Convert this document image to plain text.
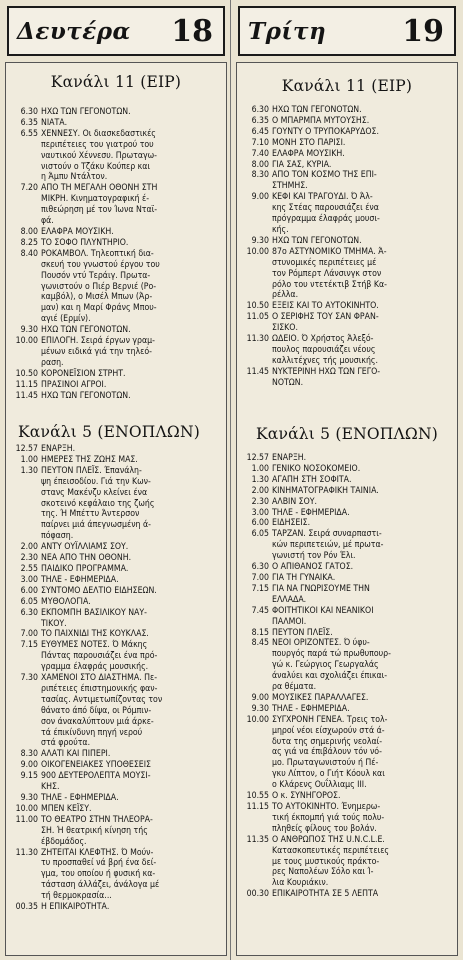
Δευτέρα 18
Κανάλι 11 (ΕΙΡ)
6.30 ΗΧΩ ΤΩΝ ΓΕΓΟΝΟΤΩΝ.
6.35 ΝΙΑΤΑ.
6.55 ΧΕΝΝΕΣΥ. Οι διασκεδαστικές
περιπέτειες του γιατρού του
ναυτικού Χέννεσυ. Πρωταγω-
νιστούν ο Τζάκυ Κούπερ και
η Άμπυ Ντάλτον.
7.20 ΑΠΟ ΤΗ ΜΕΓΑΛΗ ΟΘΟΝΗ ΣΤΗ
ΜΙΚΡΗ. Κινηματογραφική έ-
πιθεώρηση μέ τον Ίωνα Νταϊ-
φά.
8.00 ΕΛΑΦΡΑ ΜΟΥΣΙΚΗ.
8.25 ΤΟ ΣΟΦΟ ΠΛΥΝΤΗΡΙΟ.
8.40 ΡΟΚΑΜΒΟΛ. Τηλεοπτική δια-
σκευή του γνωστού έργου του
Πουσόν ντύ Τεράιγ. Πρωτα-
γωνιστούν ο Πιέρ Βερνιέ (Ρο-
καμβόλ), ο Μισέλ Μπων (Άρ-
μαν) και η Μαρί Φράνς Μπου-
αγιέ (Ερμίν).
9.30 ΗΧΩ ΤΩΝ ΓΕΓΟΝΟΤΩΝ.
10.00 ΕΠΙΛΟΓΗ. Σειρά έργων γραμ-
μένων ειδικά γιά την τηλεό-
ραση.
10.50 ΚΟΡΟΝΕΪΣΙΟΝ ΣΤΡΗΤ.
11.15 ΠΡΑΣΙΝΟΙ ΑΓΡΟΙ.
11.45 ΗΧΩ ΤΩΝ ΓΕΓΟΝΟΤΩΝ.
Κανάλι 5 (ΕΝΟΠΛΩΝ)
12.57 ΕΝΑΡΞΗ.
1.00 ΗΜΕΡΕΣ ΤΗΣ ΖΩΗΣ ΜΑΣ.
1.30 ΠΕΥΤΟΝ ΠΛΕΪΣ. Έπανάλη-
ψη έπεισοδίου. Γιά την Κων-
στανς Μακένζυ κλείνει ένα
σκοτεινό κεφάλαιο της ζωής
της. Ή Μπέττυ Άντερσον
παίρνει μιά άπεγνωσμένη ά-
πόφαση.
2.00 ΑΝΤΥ ΟΥΪΛΛΙΑΜΣ ΣΟΥ.
2.30 ΝΕΑ ΑΠΟ ΤΗΝ ΟΘΟΝΗ.
2.55 ΠΑΙΔΙΚΟ ΠΡΟΓΡΑΜΜΑ.
3.00 ΤΗΛΕ - ΕΦΗΜΕΡΙΔΑ.
6.00 ΣΥΝΤΟΜΟ ΔΕΛΤΙΟ ΕΙΔΗΣΕΩΝ.
6.05 ΜΥΘΟΛΟΓΙΑ.
6.30 ΕΚΠΟΜΠΗ ΒΑΣΙΛΙΚΟΥ ΝΑΥ-
ΤΙΚΟΥ.
7.00 ΤΟ ΠΑΙΧΝΙΔΙ ΤΗΣ ΚΟΥΚΛΑΣ.
7.15 ΕΥΘΥΜΕΣ ΝΟΤΕΣ. Ό Μάκης
Πάντας παρουσιάζει ένα πρό-
γραμμα έλαφράς μουσικής.
7.30 ΧΑΜΕΝΟΙ ΣΤΟ ΔΙΑΣΤΗΜΑ. Πε-
ριπέτειες έπιστημονικής φαν-
τασίας. Αντιμετωπίζοντας τον
θάνατο άπό δίψα, οι Ρόμπιν-
σον άνακαλύπτουν μιά άρκε-
τά έπικίνδυνη πηγή νερού
στά φρούτα.
8.30 ΑΛΑΤΙ ΚΑΙ ΠΙΠΕΡΙ.
9.00 ΟΙΚΟΓΕΝΕΙΑΚΕΣ ΥΠΟΘΕΣΕΙΣ
9.15 900 ΔΕΥΤΕΡΟΛΕΠΤΑ ΜΟΥΣΙ-
ΚΗΣ.
9.30 ΤΗΛΕ - ΕΦΗΜΕΡΙΔΑ.
10.00 ΜΠΕΝ ΚΕΪΣΥ.
11.00 ΤΟ ΘΕΑΤΡΟ ΣΤΗΝ ΤΗΛΕΟΡΑ-
ΣΗ. Ή θεατρική κίνηση τής
έβδομάδος.
11.30 ΖΗΤΕΙΤΑΙ ΚΛΕΦΤΗΣ. Ό Μούν-
τυ προσπαθεί νά βρή ένα δεί-
γμα, του οποίου ή φυσική κα-
τάσταση άλλάζει, άνάλογα μέ
τή θερμοκρασία...
00.35 Η ΕΠΙΚΑΙΡΟΤΗΤΑ.
Τρίτη	19
Κανάλι 11 (ΕΙΡ)
6.30 ΗΧΩ ΤΩΝ ΓΕΓΟΝΟΤΩΝ.
6.35 Ο ΜΠΑΡΜΠΑ ΜΥΤΟΥΣΗΣ.
6.45 ΓΟΥΝΤΥ Ο ΤΡΥΠΟΚΑΡΥΔΟΣ.
7.10 ΜΟΝΗ ΣΤΟ ΠΑΡΙΣΙ.
7.40 ΕΛΑΦΡΑ ΜΟΥΣΙΚΗ.
8.00 ΓΙΑ ΣΑΣ, ΚΥΡΙΑ.
8.30 ΑΠΟ ΤΟΝ ΚΟΣΜΟ ΤΗΣ ΕΠΙ-
ΣΤΗΜΗΣ.
9.00 ΚΕΦΙ ΚΑΙ ΤΡΑΓΟΥΔΙ. Ό Άλ-
κης Στέας παρουσιάζει ένα
πρόγραμμα έλαφράς μουσι-
κής.
9.30 ΗΧΩ ΤΩΝ ΓΕΓΟΝΟΤΩΝ.
10.00 87ο ΑΣΤΥΝΟΜΙΚΟ ΤΜΗΜΑ. Ά-
στυνομικές περιπέτειες μέ
τον Ρόμπερτ Λάνσινγκ στον
ρόλο του ντετέκτιβ Στήβ Κα-
ρέλλα.
10.50 ΕΞΕΙΣ ΚΑΙ ΤΟ ΑΥΤΟΚΙΝΗΤΟ.
11.05 Ο ΣΕΡΙΦΗΣ ΤΟΥ ΣΑΝ ΦΡΑΝ-
ΣΙΣΚΟ.
11.30 ΩΔΕΙΟ. Ό Χρήστος Άλεξό-
πουλος παρουσιάζει νέους
καλλιτέχνες τής μουσικής.
11.45 ΝΥΚΤΕΡΙΝΗ ΗΧΩ ΤΩΝ ΓΕΓΟ-
ΝΟΤΩΝ.
Κανάλι 5 (ΕΝΟΠΛΩΝ)
12.57 ΕΝΑΡΞΗ.
1.00 ΓΕΝΙΚΟ ΝΟΣΟΚΟΜΕΙΟ.
1.30 ΑΓΑΠΗ ΣΤΗ ΣΟΦΙΤΑ.
2.00 ΚΙΝΗΜΑΤΟΓΡΑΦΙΚΗ ΤΑΙΝΙΑ.
2.30 ΑΛΒΙΝ ΣΟΥ.
3.00 ΤΗΛΕ - ΕΦΗΜΕΡΙΔΑ.
6.00 ΕΙΔΗΣΕΙΣ.
6.05 ΤΑΡΖΑΝ. Σειρά συναρπαστι-
κών περιπετειών, μέ πρωτα-
γωνιστή τον Ρόν Έλι.
6.30 Ο ΑΠΙΘΑΝΟΣ ΓΑΤΟΣ.
7.00 ΓΙΑ ΤΗ ΓΥΝΑΙΚΑ.
7.15 ΓΙΑ ΝΑ ΓΝΩΡΙΣΟΥΜΕ ΤΗΝ
ΕΛΛΑΔΑ.
7.45 ΦΟΙΤΗΤΙΚΟΙ ΚΑΙ ΝΕΑΝΙΚΟΙ
ΠΑΛΜΟΙ.
8.15 ΠΕΥΤΟΝ ΠΛΕΪΣ.
8.45 ΝΕΟΙ ΟΡΙΖΟΝΤΕΣ. Ό ύφυ-
πουργός παρά τώ πρωθυπουρ-
γώ κ. Γεώργιος Γεωργαλάς
άναλύει και σχολιάζει έπικαι-
ρα θέματα.
9.00 ΜΟΥΣΙΚΕΣ ΠΑΡΑΛΛΑΓΕΣ.
9.30 ΤΗΛΕ - ΕΦΗΜΕΡΙΔΑ.
10.00 ΣΥΓΧΡΟΝΗ ΓΕΝΕΑ. Τρεις τολ-
μηροί νέοι είσχωρούν στά ά-
δυτα της σημερινής νεολαί-
ας γιά να έπιβάλουν τόν νό-
μο. Πρωταγωνιστούν ή Πέ-
γκυ Λίπτον, ο Γιήτ Κόουλ και
ο Κλάρενς Ουΐλλιαμς ΙΙΙ.
10.55 Ο κ. ΣΥΝΗΓΟΡΟΣ.
11.15 ΤΟ ΑΥΤΟΚΙΝΗΤΟ. Ένημερω-
τική έκπομπή γιά τούς πολυ-
πληθείς φίλους του βολάν.
11.35 Ο ΑΝΘΡΩΠΟΣ ΤΗΣ U.N.C.L.E.
Κατασκοπευτικές περιπέτειες
με τους μυστικούς πράκτο-
ρες Ναπολέων Σόλο και Ί-
λια Κουριάκιν.
00.30 ΕΠΙΚΑΙΡΟΤΗΤΑ ΣΕ 5 ΛΕΠΤΑ
